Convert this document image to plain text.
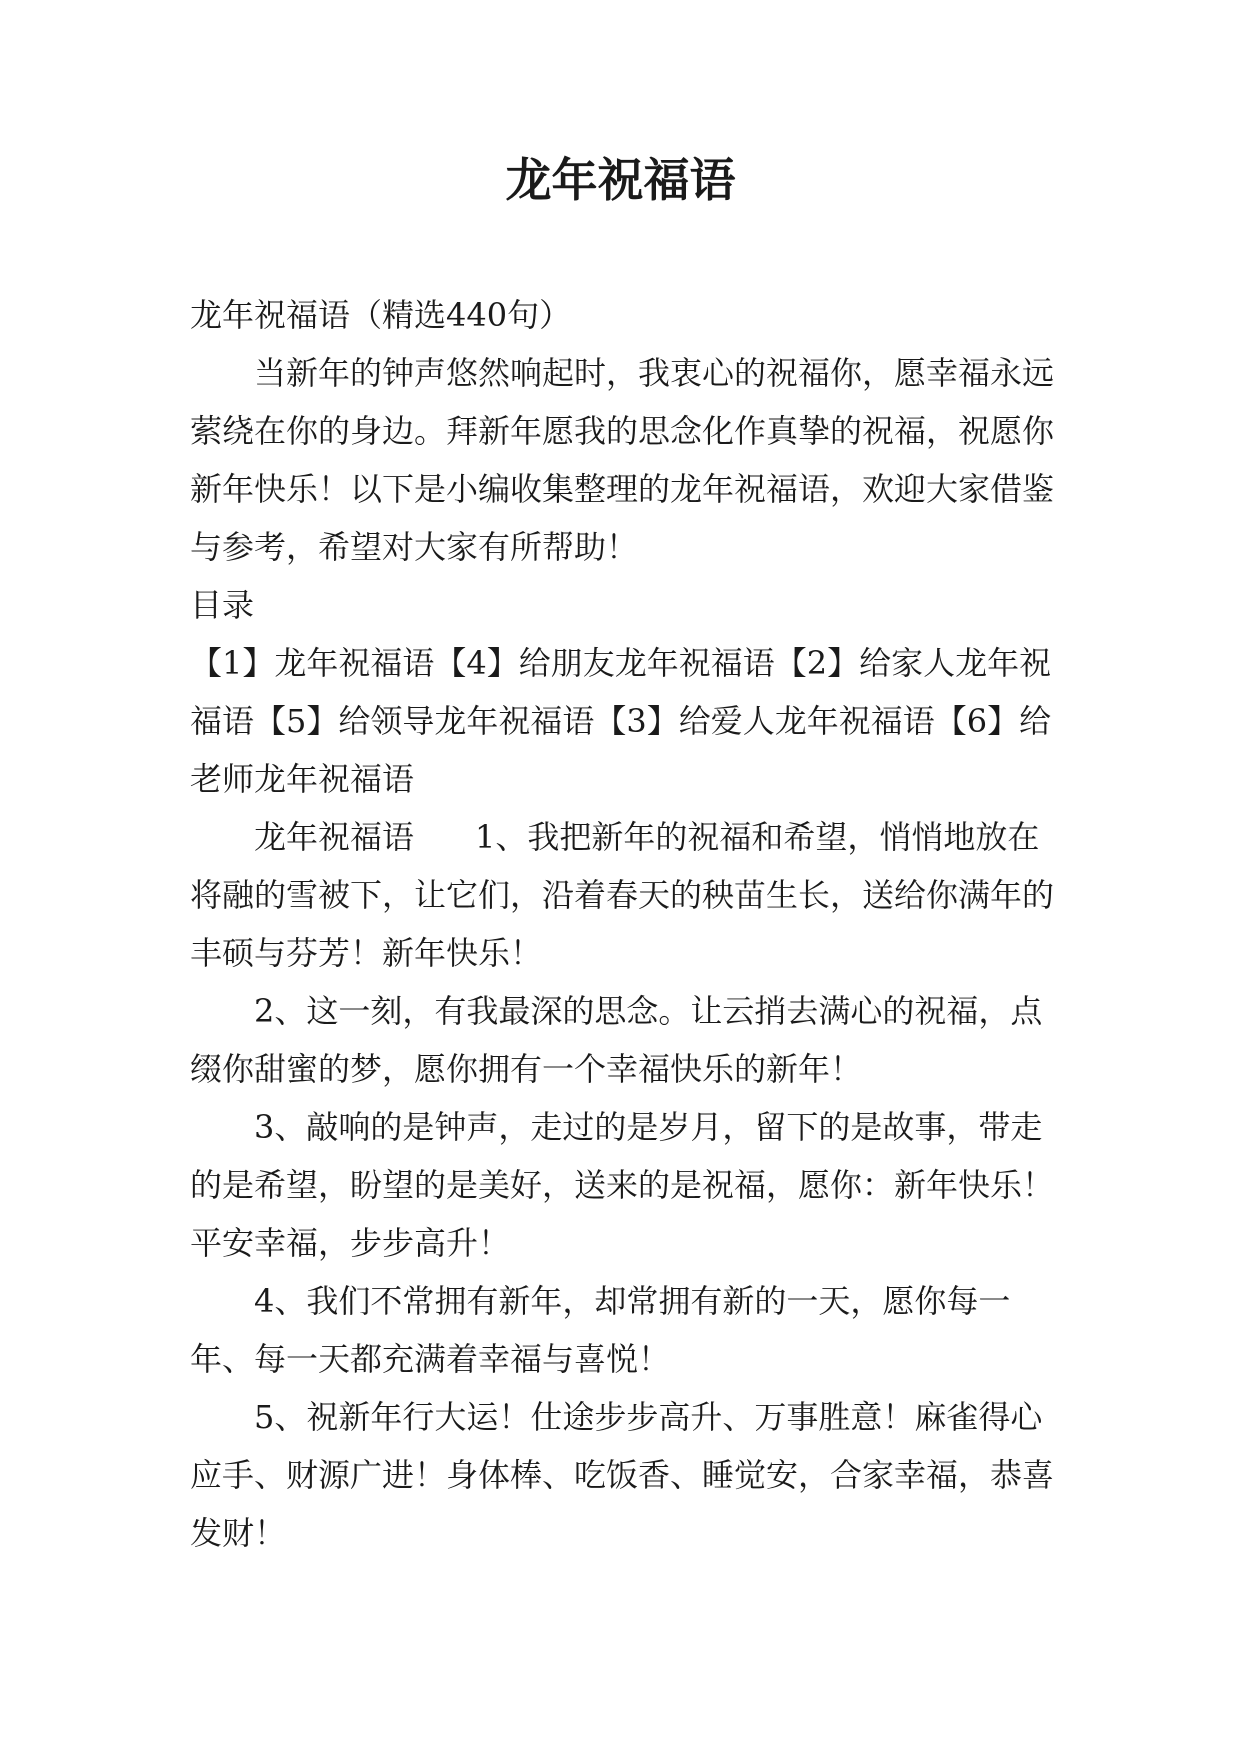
龙年祝福语

龙年祝福语（精选440句）

当新年的钟声悠然响起时，我衷心的祝福你，愿幸福永远萦绕在你的身边。拜新年愿我的思念化作真挚的祝福，祝愿你新年快乐！以下是小编收集整理的龙年祝福语，欢迎大家借鉴与参考，希望对大家有所帮助！

目录

【1】龙年祝福语【4】给朋友龙年祝福语【2】给家人龙年祝福语【5】给领导龙年祝福语【3】给爱人龙年祝福语【6】给老师龙年祝福语

龙年祝福语      1、我把新年的祝福和希望，悄悄地放在将融的雪被下，让它们，沿着春天的秧苗生长，送给你满年的丰硕与芬芳！新年快乐！

2、这一刻，有我最深的思念。让云捎去满心的祝福，点缀你甜蜜的梦，愿你拥有一个幸福快乐的新年！

3、敲响的是钟声，走过的是岁月，留下的是故事，带走的是希望，盼望的是美好，送来的是祝福，愿你：新年快乐！平安幸福，步步高升！

4、我们不常拥有新年，却常拥有新的一天，愿你每一年、每一天都充满着幸福与喜悦！

5、祝新年行大运！仕途步步高升、万事胜意！麻雀得心应手、财源广进！身体棒、吃饭香、睡觉安，合家幸福，恭喜发财！
